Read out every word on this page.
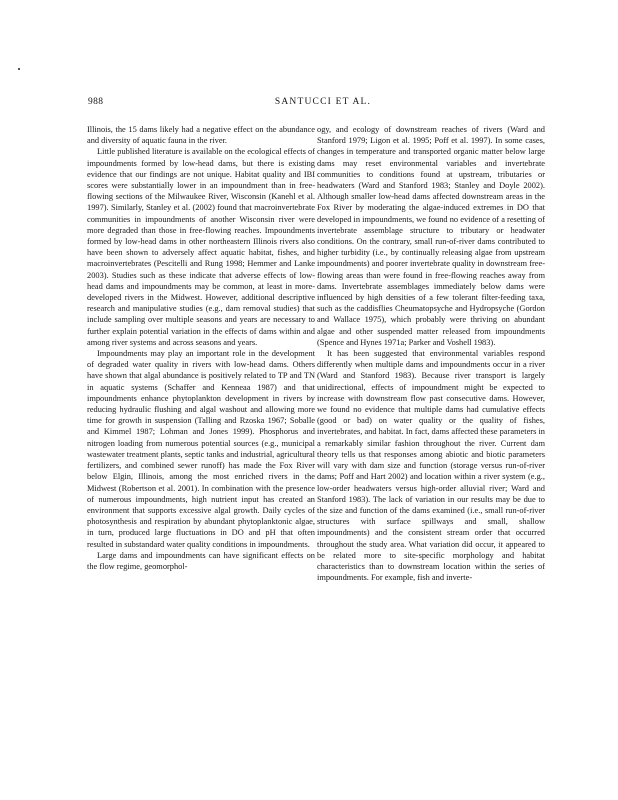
988	SANTUCCI ET AL.

Illinois, the 15 dams likely had a negative effect on the abundance and diversity of aquatic fauna in the river.

Little published literature is available on the ecological effects of impoundments formed by low-head dams, but there is existing evidence that our findings are not unique. Habitat quality and IBI scores were substantially lower in an impoundment than in free-flowing sections of the Milwaukee River, Wisconsin (Kanehl et al. 1997). Similarly, Stanley et al. (2002) found that macroinvertebrate communities in impoundments of another Wisconsin river were more degraded than those in free-flowing reaches. Impoundments formed by low-head dams in other northeastern Illinois rivers also have been shown to adversely affect aquatic habitat, fishes, and macroinvertebrates (Pescitelli and Rung 1998; Hemmer and Lanke 2003). Studies such as these indicate that adverse effects of low-head dams and impoundments may be common, at least in more-developed rivers in the Midwest. However, additional descriptive research and manipulative studies (e.g., dam removal studies) that include sampling over multiple seasons and years are necessary to further explain potential variation in the effects of dams within and among river systems and across seasons and years.

Impoundments may play an important role in the development of degraded water quality in rivers with low-head dams. Others have shown that algal abundance is positively related to TP and TN in aquatic systems (Schaffer and Kenneaa 1987) and that impoundments enhance phytoplankton development in rivers by reducing hydraulic flushing and algal washout and allowing more time for growth in suspension (Talling and Rzoska 1967; Soballe and Kimmel 1987; Lohman and Jones 1999). Phosphorus and nitrogen loading from numerous potential sources (e.g., municipal wastewater treatment plants, septic tanks and industrial, agricultural fertilizers, and combined sewer runoff) has made the Fox River below Elgin, Illinois, among the most enriched rivers in the Midwest (Robertson et al. 2001). In combination with the presence of numerous impoundments, high nutrient input has created an environment that supports excessive algal growth. Daily cycles of photosynthesis and respiration by abundant phytoplanktonic algae, in turn, produced large fluctuations in DO and pH that often resulted in substandard water quality conditions in impoundments.

Large dams and impoundments can have significant effects on the flow regime, geomorphol-

ogy, and ecology of downstream reaches of rivers (Ward and Stanford 1979; Ligon et al. 1995; Poff et al. 1997). In some cases, changes in temperature and transported organic matter below large dams may reset environmental variables and invertebrate communities to conditions found at upstream, tributaries or headwaters (Ward and Stanford 1983; Stanley and Doyle 2002). Although smaller low-head dams affected downstream areas in the Fox River by moderating the algae-induced extremes in DO that developed in impoundments, we found no evidence of a resetting of invertebrate assemblage structure to tributary or headwater conditions. On the contrary, small run-of-river dams contributed to higher turbidity (i.e., by continually releasing algae from upstream impoundments) and poorer invertebrate quality in downstream free-flowing areas than were found in free-flowing reaches away from dams. Invertebrate assemblages immediately below dams were influenced by high densities of a few tolerant filter-feeding taxa, such as the caddisflies Cheumatopsyche and Hydropsyche (Gordon and Wallace 1975), which probably were thriving on abundant algae and other suspended matter released from impoundments (Spence and Hynes 1971a; Parker and Voshell 1983).

It has been suggested that environmental variables respond differently when multiple dams and impoundments occur in a river (Ward and Stanford 1983). Because river transport is largely unidirectional, effects of impoundment might be expected to increase with downstream flow past consecutive dams. However, we found no evidence that multiple dams had cumulative effects (good or bad) on water quality or the quality of fishes, invertebrates, and habitat. In fact, dams affected these parameters in a remarkably similar fashion throughout the river. Current dam theory tells us that responses among abiotic and biotic parameters will vary with dam size and function (storage versus run-of-river dams; Poff and Hart 2002) and location within a river system (e.g., low-order headwaters versus high-order alluvial river; Ward and Stanford 1983). The lack of variation in our results may be due to the size and function of the dams examined (i.e., small run-of-river structures with surface spillways and small, shallow impoundments) and the consistent stream order that occurred throughout the study area. What variation did occur, it appeared to be related more to site-specific morphology and habitat characteristics than to downstream location within the series of impoundments. For example, fish and inverte-
